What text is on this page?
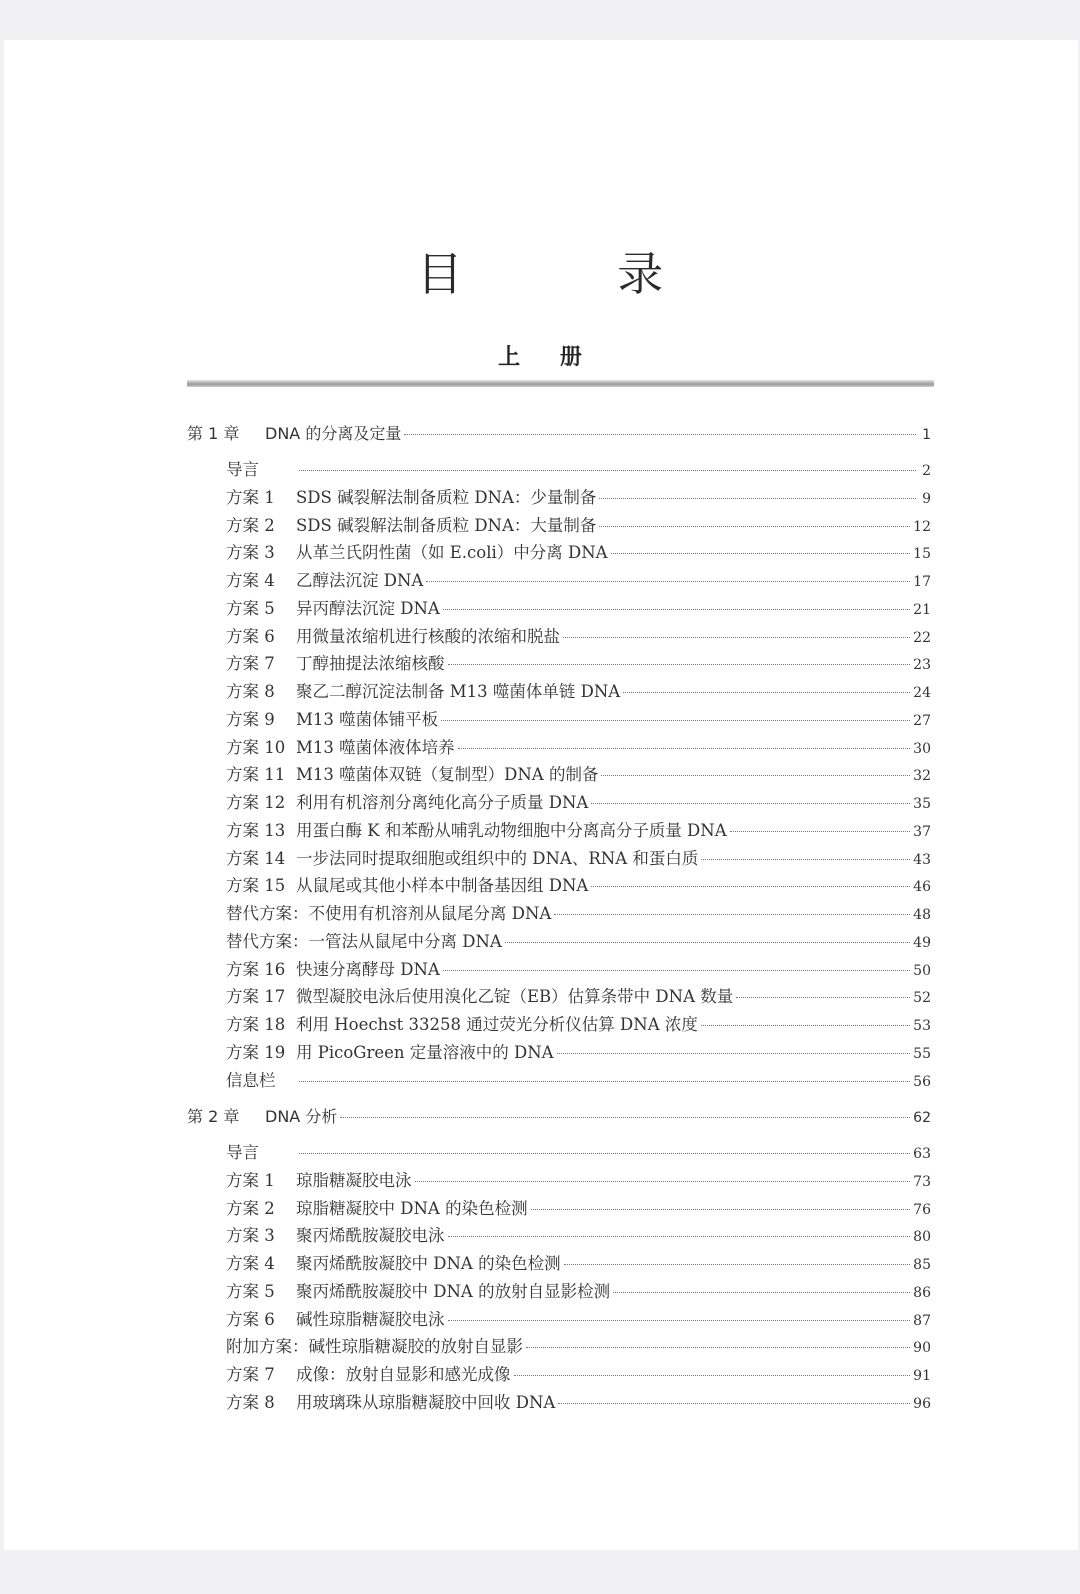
目 录
上 册
第 1 章	DNA 的分离及定量	1
导言	2
方案 1	SDS 碱裂解法制备质粒 DNA：少量制备	9
方案 2	SDS 碱裂解法制备质粒 DNA：大量制备	12
方案 3	从革兰氏阴性菌（如 E.coli）中分离 DNA	15
方案 4	乙醇法沉淀 DNA	17
方案 5	异丙醇法沉淀 DNA	21
方案 6	用微量浓缩机进行核酸的浓缩和脱盐	22
方案 7	丁醇抽提法浓缩核酸	23
方案 8	聚乙二醇沉淀法制备 M13 噬菌体单链 DNA	24
方案 9	M13 噬菌体铺平板	27
方案 10 M13 噬菌体液体培养	30
方案 11 M13 噬菌体双链（复制型）DNA 的制备	32
方案 12 利用有机溶剂分离纯化高分子质量 DNA	35
方案 13 用蛋白酶 K 和苯酚从哺乳动物细胞中分离高分子质量 DNA	37
方案 14 一步法同时提取细胞或组织中的 DNA、RNA 和蛋白质	43
方案 15 从鼠尾或其他小样本中制备基因组 DNA	46
替代方案： 不使用有机溶剂从鼠尾分离 DNA	48
替代方案： 一管法从鼠尾中分离 DNA	49
方案 16 快速分离酵母 DNA	50
方案 17 微型凝胶电泳后使用溴化乙锭（EB）估算条带中 DNA 数量	52
方案 18 利用 Hoechst 33258 通过荧光分析仪估算 DNA 浓度	53
方案 19 用 PicoGreen 定量溶液中的 DNA	55
信息栏	56
第 2 章	DNA 分析	62
导言	63
方案 1	琼脂糖凝胶电泳	73
方案 2	琼脂糖凝胶中 DNA 的染色检测	76
方案 3	聚丙烯酰胺凝胶电泳	80
方案 4	聚丙烯酰胺凝胶中 DNA 的染色检测	85
方案 5	聚丙烯酰胺凝胶中 DNA 的放射自显影检测	86
方案 6	碱性琼脂糖凝胶电泳	87
附加方案： 碱性琼脂糖凝胶的放射自显影	90
方案 7	成像：放射自显影和感光成像	91
方案 8	用玻璃珠从琼脂糖凝胶中回收 DNA	96
